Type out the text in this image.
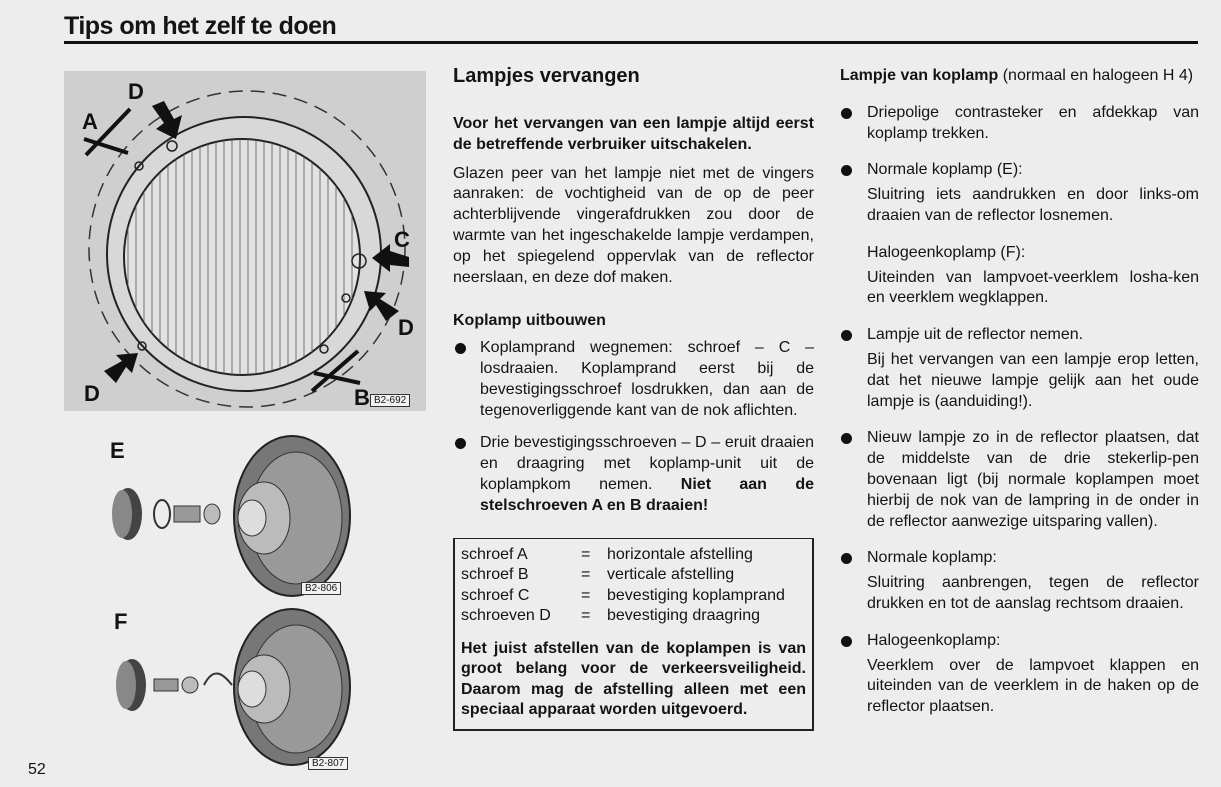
Tips om het zelf te doen
A
B
C
D
D
D	B2-692
E
B2-806
F
B2-807
Lampjes vervangen

Voor het vervangen van een lampje altijd eerst de betreffende verbruiker uitschakelen.

Glazen peer van het lampje niet met de vingers aanraken: de vochtigheid van de op de peer achterblijvende vingerafdrukken zou door de warmte van het ingeschakelde lampje verdampen, op het spiegelend oppervlak van de reflector neerslaan, en deze dof maken.

Koplamp uitbouwen
Koplamprand wegnemen: schroef – C – losdraaien. Koplamprand eerst bij de bevestigingsschroef losdrukken, dan aan de tegenoverliggende kant van de nok aflichten.
Drie bevestigingsschroeven – D – eruit draaien en draagring met koplamp-unit uit de koplampkom nemen. Niet aan de stelschroeven A en B draaien!
schroef A	=	horizontale afstelling
schroef B	=	verticale afstelling
schroef C	=	bevestiging koplamprand
schroeven D	=	bevestiging draagring
Het juist afstellen van de koplampen is van groot belang voor de verkeersveiligheid. Daarom mag de afstelling alleen met een speciaal apparaat worden uitgevoerd.

Lampje van koplamp (normaal en halogeen H 4)

Driepolige contrasteker en afdekkap van koplamp trekken.
Normale koplamp (E):
Sluitring iets aandrukken en door links-om draaien van de reflector losnemen.
Halogeenkoplamp (F):
Uiteinden van lampvoet-veerklem losha-ken en veerklem wegklappen.
Lampje uit de reflector nemen.
Bij het vervangen van een lampje erop letten, dat het nieuwe lampje gelijk aan het oude lampje is (aanduiding!).
Nieuw lampje zo in de reflector plaatsen, dat de middelste van de drie stekerlip-pen bovenaan ligt (bij normale koplampen moet hierbij de nok van de lampring in de onder in de reflector aanwezige uitsparing vallen).
Normale koplamp:
Sluitring aanbrengen, tegen de reflector drukken en tot de aanslag rechtsom draaien.
Halogeenkoplamp:
Veerklem over de lampvoet klappen en uiteinden van de veerklem in de haken op de reflector plaatsen.
52
